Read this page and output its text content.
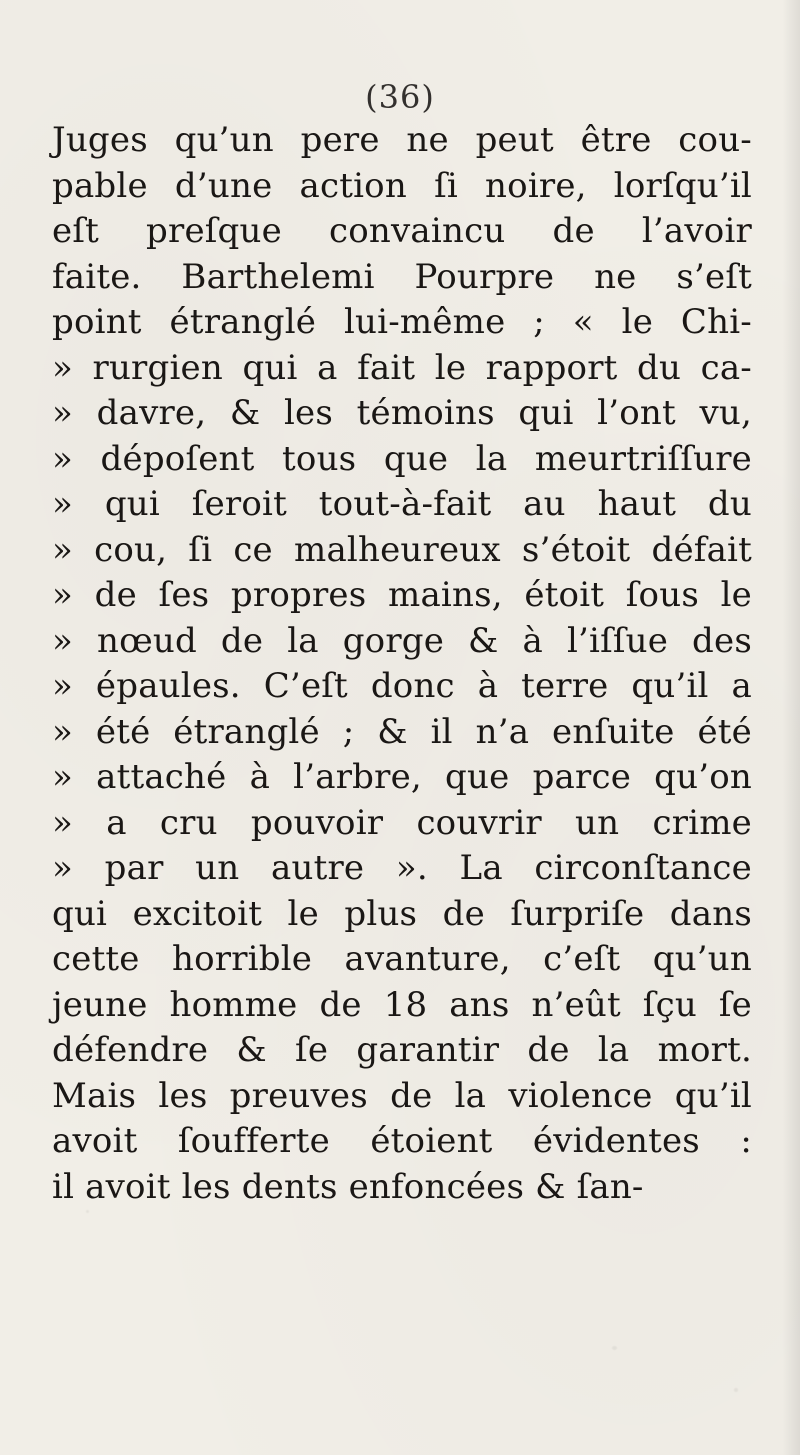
(36)
Juges qu’un pere ne peut être cou-
pable d’une action ſi noire, lorſqu’il
eſt preſque convaincu de l’avoir
faite. Barthelemi Pourpre ne s’eſt
point étranglé lui-même ; « le Chi-
» rurgien qui a fait le rapport du ca-
» davre, & les témoins qui l’ont vu,
» dépoſent tous que la meurtriſſure
» qui ſeroit tout-à-fait au haut du
» cou, ſi ce malheureux s’étoit défait
» de ſes propres mains, étoit ſous le
» nœud de la gorge & à l’iſſue des
» épaules. C’eſt donc à terre qu’il a
» été étranglé ; & il n’a enſuite été
» attaché à l’arbre, que parce qu’on
» a cru pouvoir couvrir un crime
» par un autre ». La circonſtance
qui excitoit le plus de ſurpriſe dans
cette horrible avanture, c’eſt qu’un
jeune homme de 18 ans n’eût ſçu ſe
défendre & ſe garantir de la mort.
Mais les preuves de la violence qu’il
avoit ſoufferte étoient évidentes :
il avoit les dents enfoncées & ſan-
